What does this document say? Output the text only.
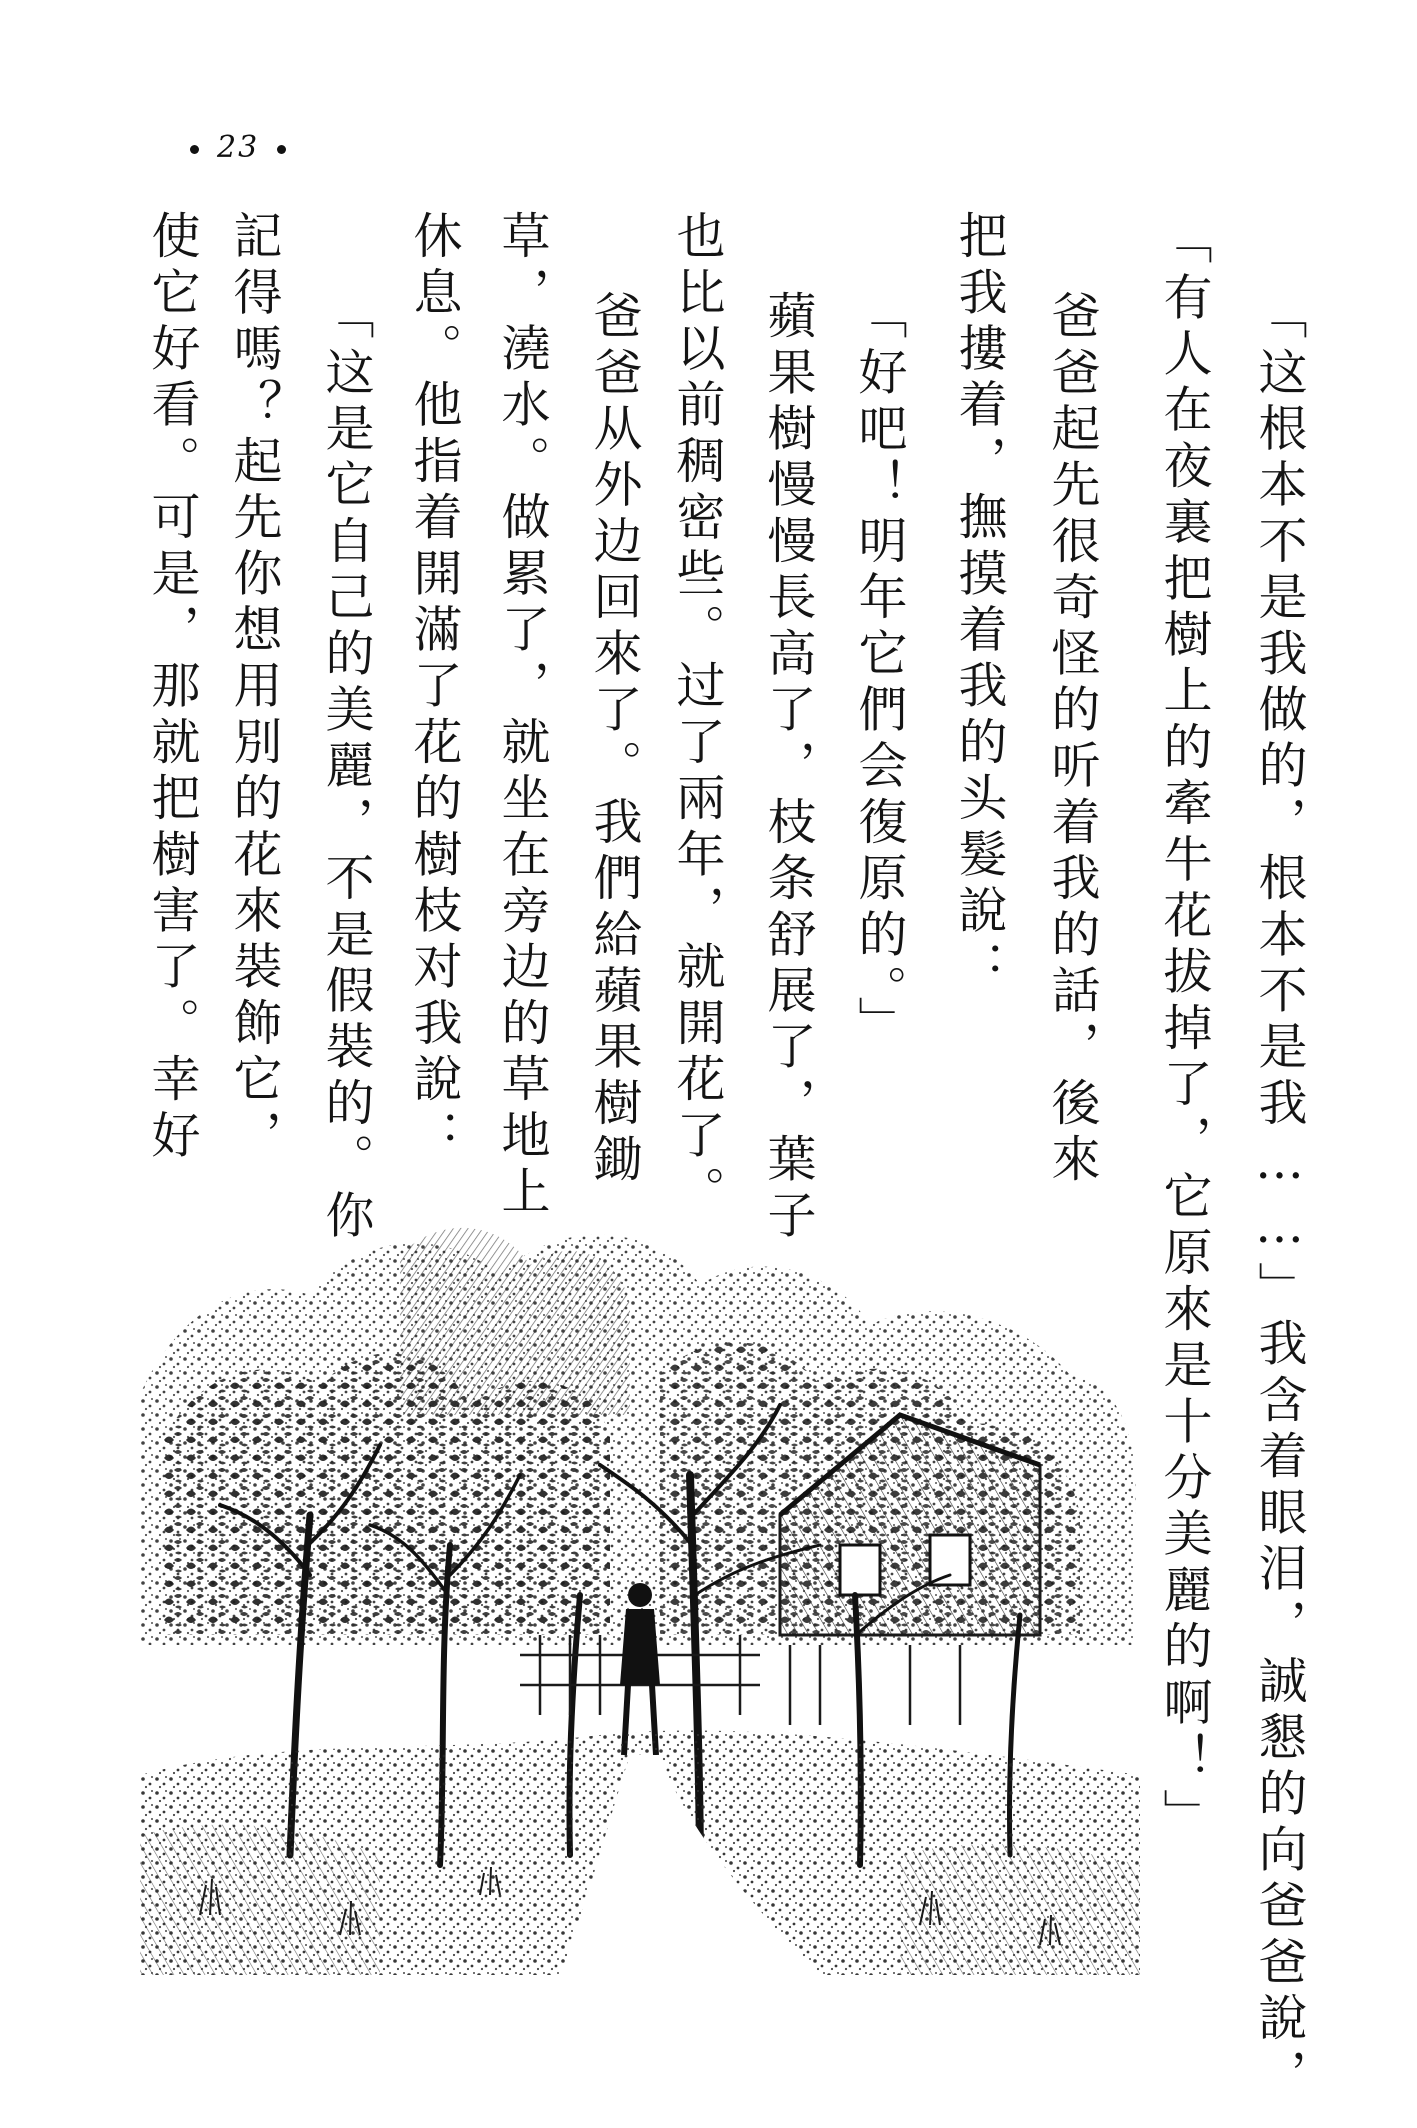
23
「这根本不是我做的，根本不是我……」我含着眼泪，誠懇的向爸爸說，
「有人在夜裏把樹上的牽牛花拔掉了，它原來是十分美麗的啊！」
爸爸起先很奇怪的听着我的話，後來
把我摟着，撫摸着我的头髮說：
「好吧！明年它們会復原的。」
蘋果樹慢慢長高了，枝条舒展了，葉子
也比以前稠密些。过了兩年，就開花了。
爸爸从外边回來了。我們給蘋果樹鋤
草，澆水。做累了，就坐在旁边的草地上
休息。他指着開滿了花的樹枝对我說：
「这是它自己的美麗，不是假裝的。你
記得嗎？起先你想用別的花來裝飾它，
使它好看。可是，那就把樹害了。幸好
